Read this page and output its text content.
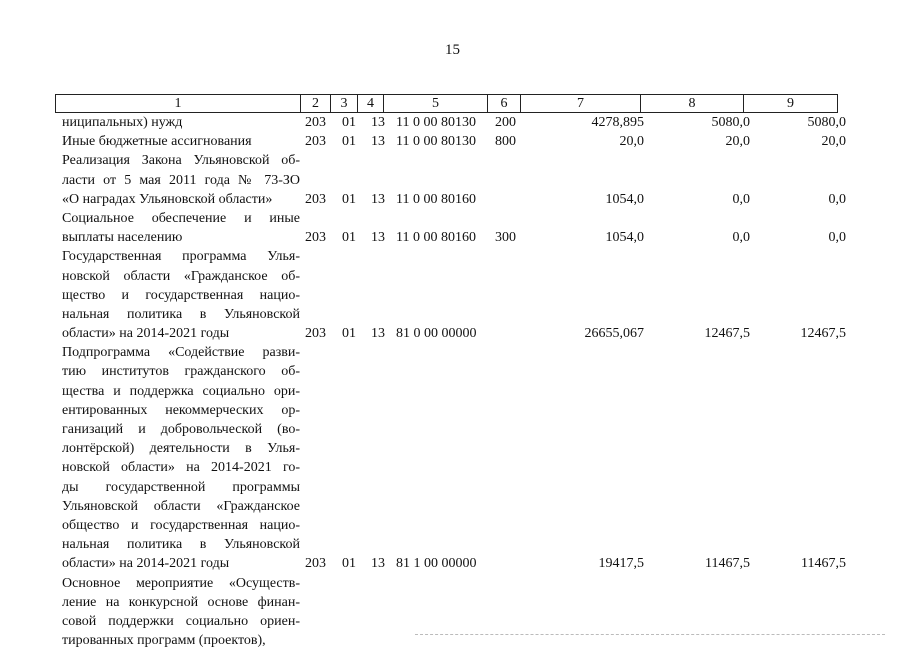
15
1	2	3	4	5	6	7	8	9
ниципальных) нужд	203 01 13 11 0 00 80130 200	4278,895	5080,0	5080,0
Иные бюджетные ассигнования	203 01 13 11 0 00 80130 800	20,0	20,0	20,0
Реализация Закона Ульяновской об-
ласти от 5 мая 2011 года № 73-ЗО
«О наградах Ульяновской области»	203 01 13 11 0 00 80160	1054,0	0,0	0,0
Социальное обеспечение и иные
выплаты населению	203 01 13 11 0 00 80160 300	1054,0	0,0	0,0
Государственная программа Улья-
новской области «Гражданское об-
щество и государственная нацио-
нальная политика в Ульяновской
области» на 2014-2021 годы	203 01 13 81 0 00 00000	26655,067	12467,5	12467,5
Подпрограмма «Содействие разви-
тию институтов гражданского об-
щества и поддержка социально ори-
ентированных некоммерческих ор-
ганизаций и добровольческой (во-
лонтёрской) деятельности в Улья-
новской области» на 2014-2021 го-
ды государственной программы
Ульяновской области «Гражданское
общество и государственная нацио-
нальная политика в Ульяновской
области» на 2014-2021 годы	203 01 13 81 1 00 00000	19417,5	11467,5	11467,5
Основное мероприятие «Осуществ-
ление на конкурсной основе финан-
совой поддержки социально ориен-
тированных программ (проектов),
